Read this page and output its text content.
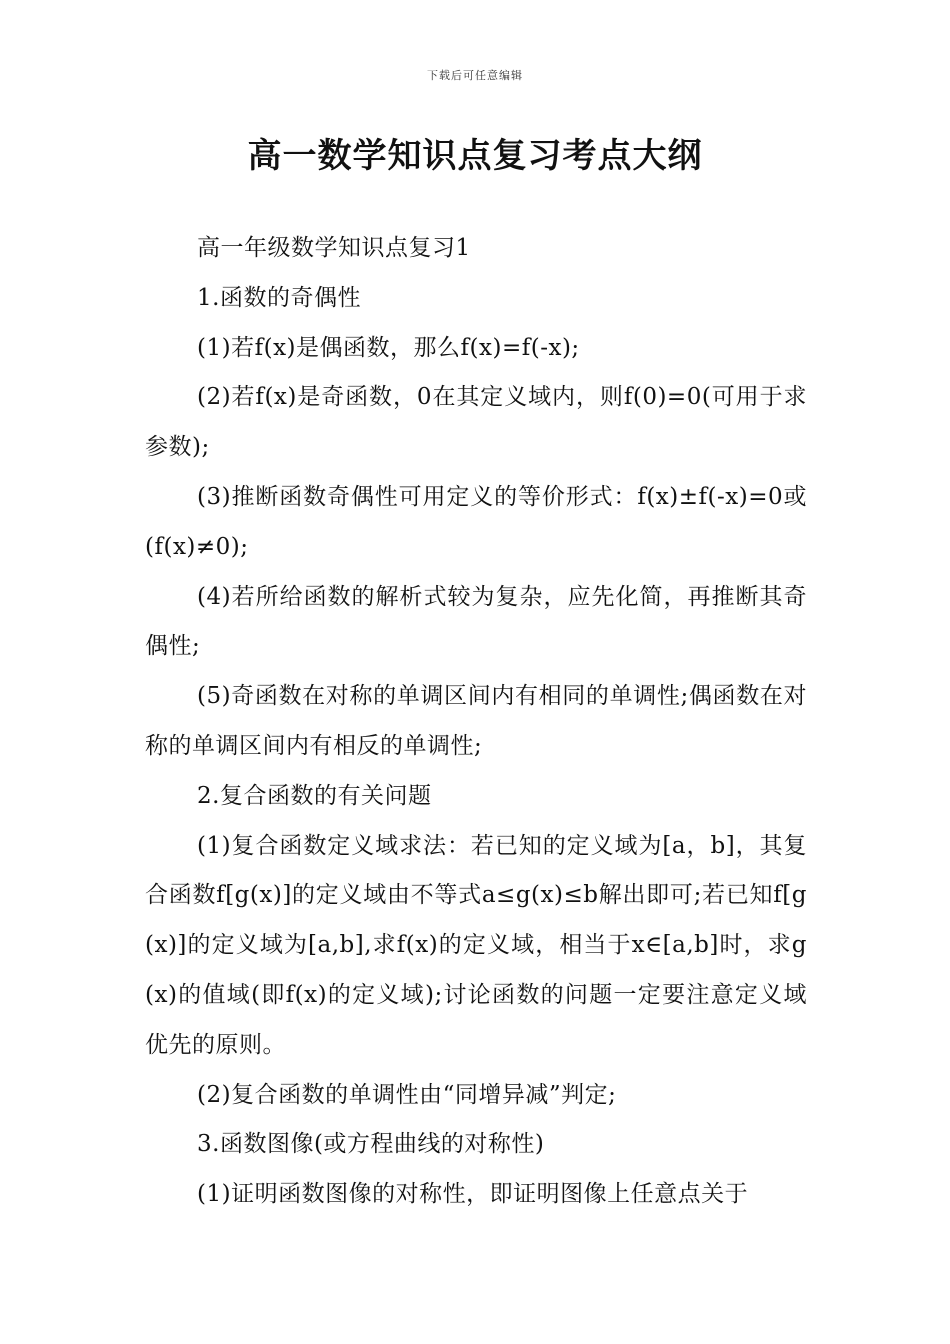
下载后可任意编辑
高一数学知识点复习考点大纲

高一年级数学知识点复习1

1.函数的奇偶性

(1)若f(x)是偶函数，那么f(x)=f(-x);

(2)若f(x)是奇函数，0在其定义域内，则f(0)=0(可用于求参数);

(3)推断函数奇偶性可用定义的等价形式：f(x)±f(-x)=0或(f(x)≠0);

(4)若所给函数的解析式较为复杂，应先化简，再推断其奇偶性;

(5)奇函数在对称的单调区间内有相同的单调性;偶函数在对称的单调区间内有相反的单调性;

2.复合函数的有关问题

(1)复合函数定义域求法：若已知的定义域为[a，b]，其复合函数f[g(x)]的定义域由不等式a≤g(x)≤b解出即可;若已知f[g(x)]的定义域为[a,b],求f(x)的定义域，相当于x∈[a,b]时，求g(x)的值域(即f(x)的定义域);讨论函数的问题一定要注意定义域优先的原则。

(2)复合函数的单调性由“同增异减”判定;

3.函数图像(或方程曲线的对称性)

(1)证明函数图像的对称性，即证明图像上任意点关于
